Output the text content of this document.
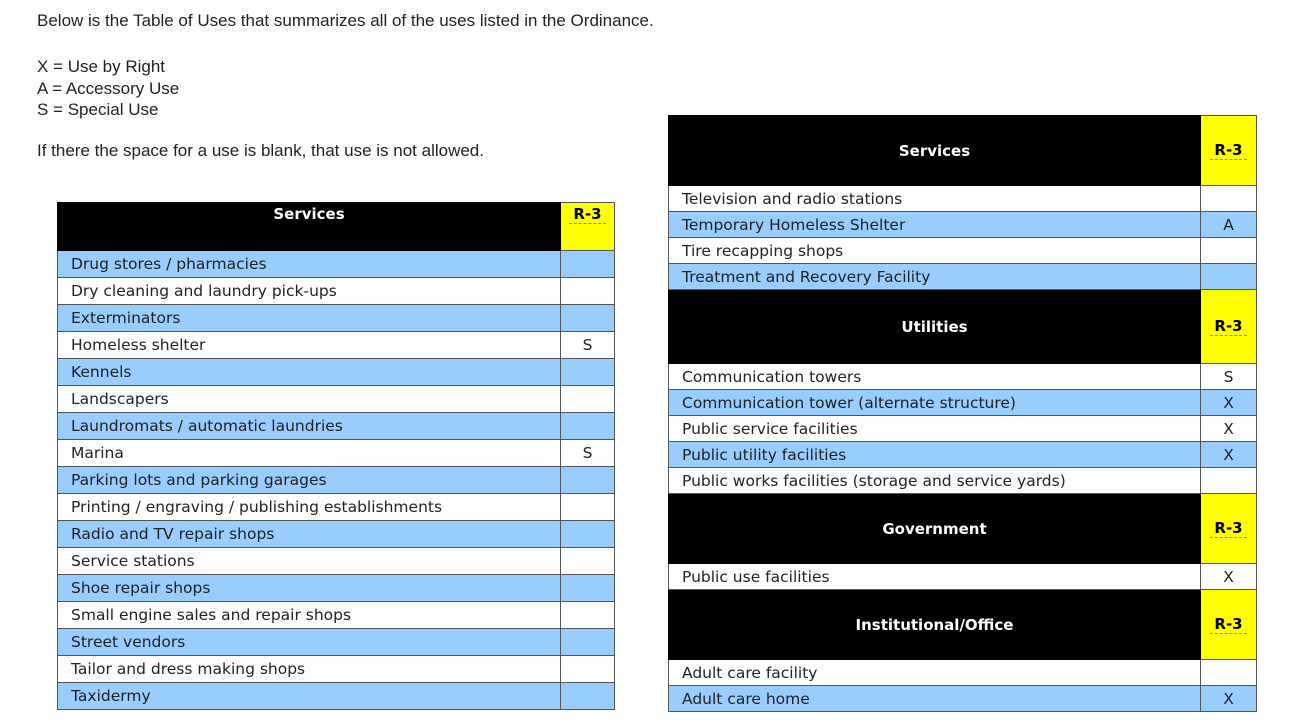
Below is the Table of Uses that summarizes all of the uses listed in the Ordinance.
X = Use by Right
A = Accessory Use
S = Special Use
If there the space for a use is blank, that use is not allowed.
Services	R-3
Drug stores / pharmacies	
Dry cleaning and laundry pick-ups	
Exterminators	
Homeless shelter	S
Kennels	
Landscapers	
Laundromats / automatic laundries	
Marina	S
Parking lots and parking garages	
Printing / engraving / publishing establishments	
Radio and TV repair shops	
Service stations	
Shoe repair shops	
Small engine sales and repair shops	
Street vendors	
Tailor and dress making shops	
Taxidermy	
Services	R-3
Television and radio stations	
Temporary Homeless Shelter	A
Tire recapping shops	
Treatment and Recovery Facility	
Utilities	R-3
Communication towers	S
Communication tower (alternate structure)	X
Public service facilities	X
Public utility facilities	X
Public works facilities (storage and service yards)	
Government	R-3
Public use facilities	X
Institutional/Office	R-3
Adult care facility	
Adult care home	X
